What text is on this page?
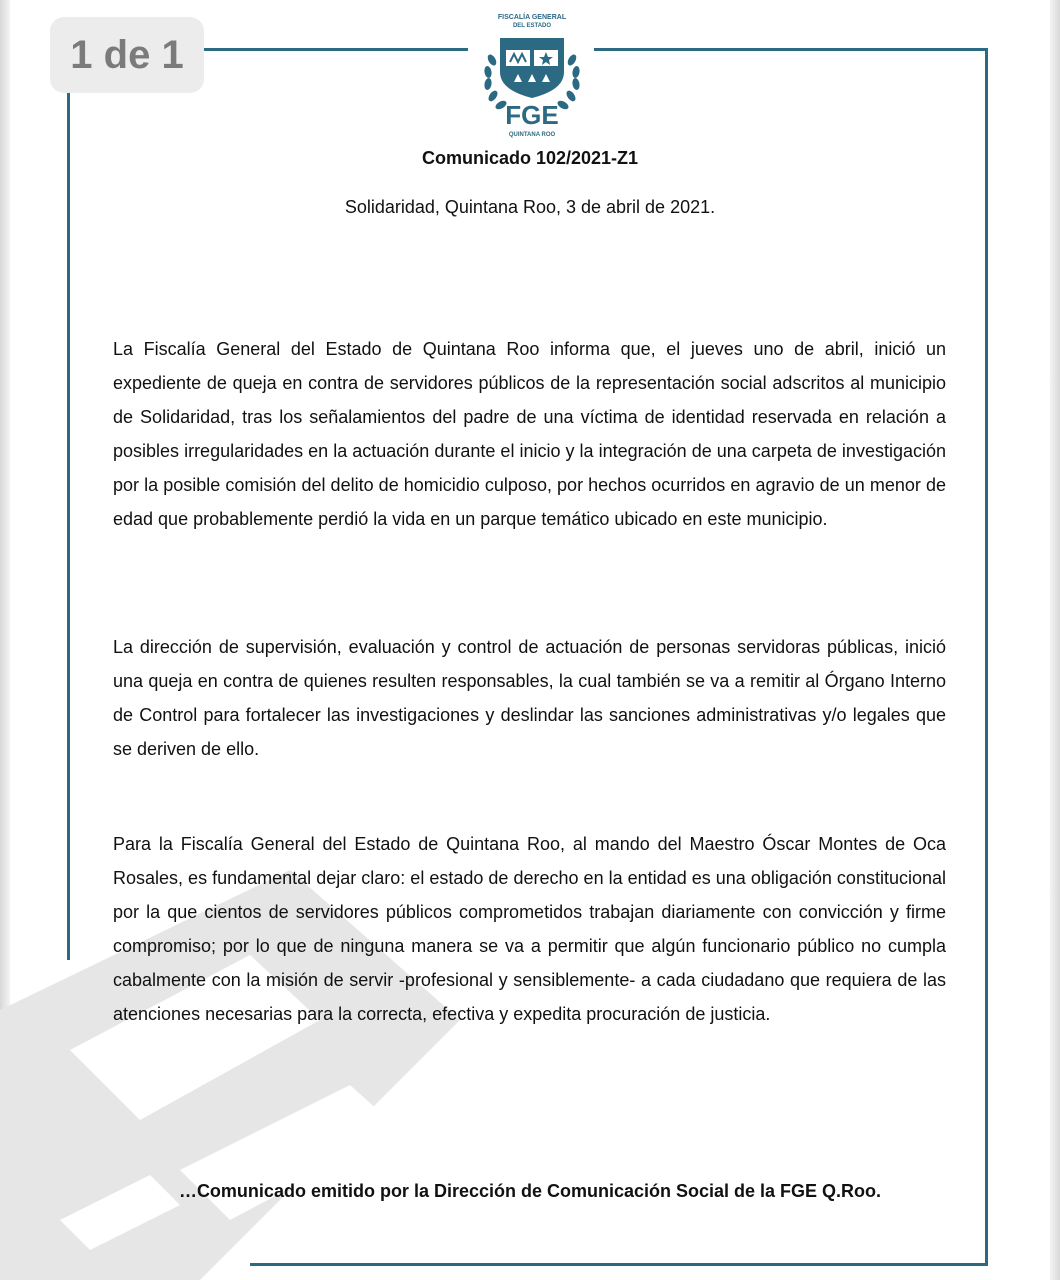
1 de 1
FISCALÍA GENERAL
DEL ESTADO
FGE
QUINTANA ROO
Comunicado 102/2021-Z1
Solidaridad, Quintana Roo, 3 de abril de 2021.

La Fiscalía General del Estado de Quintana Roo informa que, el jueves uno de abril, inició un expediente de queja en contra de servidores públicos de la representación social adscritos al municipio de Solidaridad, tras los señalamientos del padre de una víctima de identidad reservada en relación a posibles irregularidades en la actuación durante el inicio y la integración de una carpeta de investigación por la posible comisión del delito de homicidio culposo, por hechos ocurridos en agravio de un menor de edad que probablemente perdió la vida en un parque temático ubicado en este municipio.

La dirección de supervisión, evaluación y control de actuación de personas servidoras públicas, inició una queja en contra de quienes resulten responsables, la cual también se va a remitir al Órgano Interno de Control para fortalecer las investigaciones y deslindar las sanciones administrativas y/o legales que se deriven de ello.

Para la Fiscalía General del Estado de Quintana Roo, al mando del Maestro Óscar Montes de Oca Rosales, es fundamental dejar claro: el estado de derecho en la entidad es una obligación constitucional por la que cientos de servidores públicos comprometidos trabajan diariamente con convicción y firme compromiso; por lo que de ninguna manera se va a permitir que algún funcionario público no cumpla cabalmente con la misión de servir -profesional y sensiblemente- a cada ciudadano que requiera de las atenciones necesarias para la correcta, efectiva y expedita procuración de justicia.

…Comunicado emitido por la Dirección de Comunicación Social de la FGE Q.Roo.
